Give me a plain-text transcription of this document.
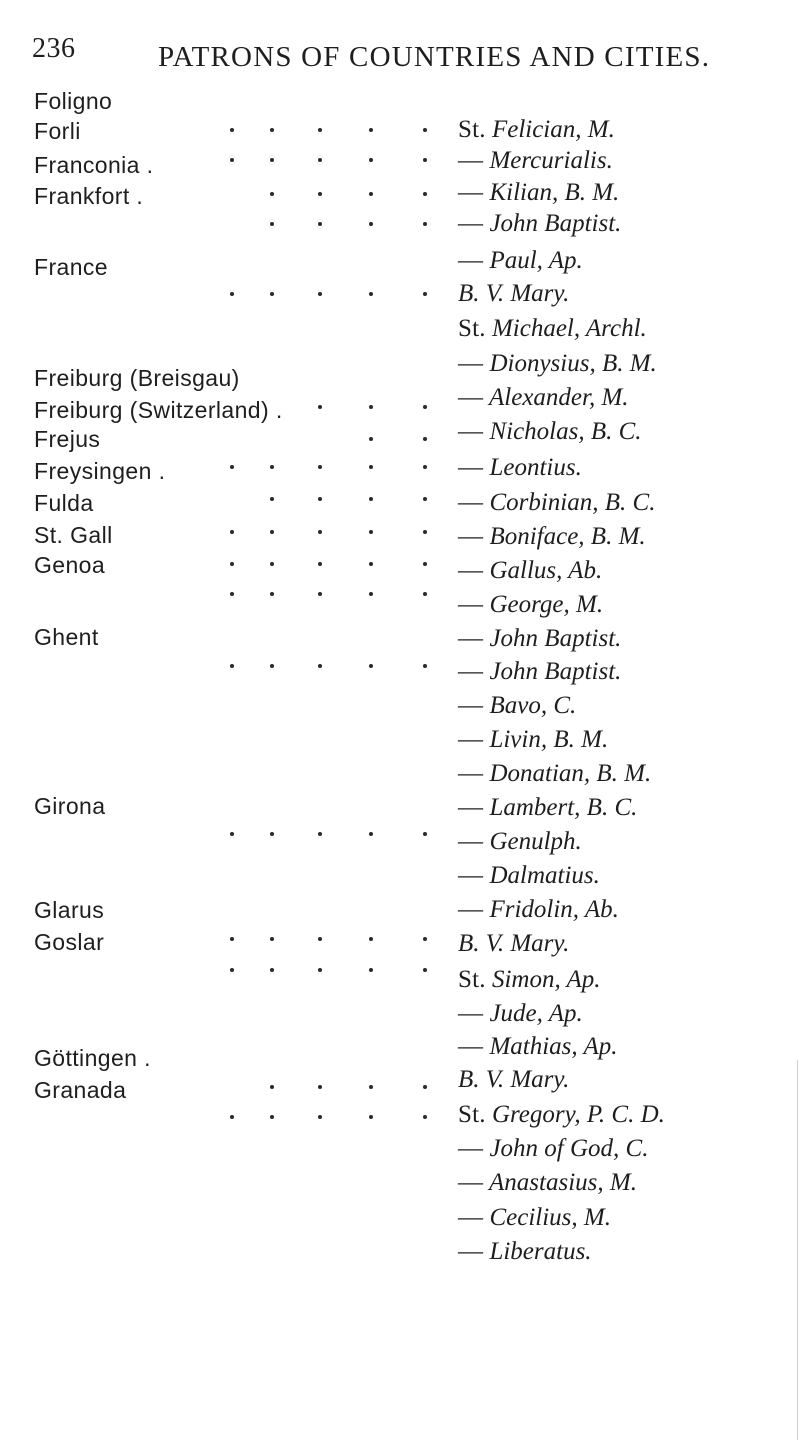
236	PATRONS OF COUNTRIES AND CITIES.
Foligno
Forli
Franconia .
Frankfort .
France
Freiburg (Breisgau)
Freiburg (Switzerland) .
Frejus
Freysingen .
Fulda
St. Gall
Genoa
Ghent
Girona
Glarus
Goslar
Göttingen .
Granada
St. Felician, M.
— Mercurialis.
— Kilian, B. M.
— John Baptist.
— Paul, Ap.
B. V. Mary.
St. Michael, Archl.
— Dionysius, B. M.
— Alexander, M.
— Nicholas, B. C.
— Leontius.
— Corbinian, B. C.
— Boniface, B. M.
— Gallus, Ab.
— George, M.
— John Baptist.
— John Baptist.
— Bavo, C.
— Livin, B. M.
— Donatian, B. M.
— Lambert, B. C.
— Genulph.
— Dalmatius.
— Fridolin, Ab.
B. V. Mary.
St. Simon, Ap.
— Jude, Ap.
— Mathias, Ap.
B. V. Mary.
St. Gregory, P. C. D.
— John of God, C.
— Anastasius, M.
— Cecilius, M.
— Liberatus.
